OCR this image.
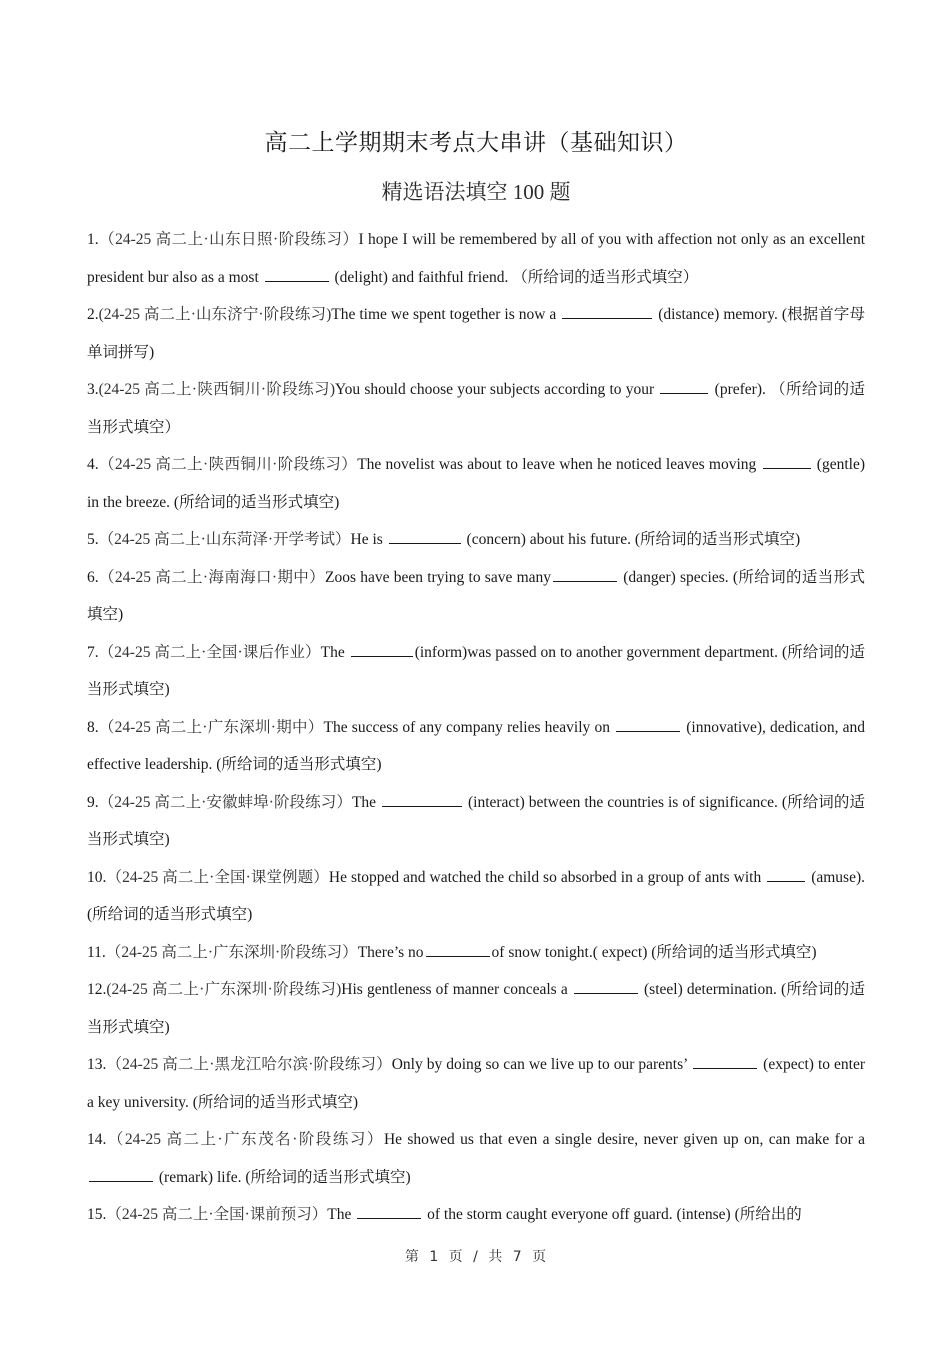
高二上学期期末考点大串讲（基础知识）
精选语法填空 100 题
1.（24-25 高二上·山东日照·阶段练习）I hope I will be remembered by all of you with affection not only as an excellent president bur also as a most	(delight) and faithful friend. （所给词的适当形式填空）
2.(24-25 高二上·山东济宁·阶段练习)The time we spent together is now a	(distance) memory. (根据首字母单词拼写)
3.(24-25 高二上·陕西铜川·阶段练习)You should choose your subjects according to your	(prefer). （所给词的适当形式填空）
4.（24-25 高二上·陕西铜川·阶段练习）The novelist was about to leave when he noticed leaves moving	(gentle) in the breeze. (所给词的适当形式填空)
5.（24-25 高二上·山东菏泽·开学考试）He is	(concern) about his future. (所给词的适当形式填空)
6.（24-25 高二上·海南海口·期中）Zoos have been trying to save many	(danger) species. (所给词的适当形式填空)
7.（24-25 高二上·全国·课后作业）The	(inform)was passed on to another government department. (所给词的适当形式填空)
8.（24-25 高二上·广东深圳·期中）The success of any company relies heavily on	(innovative), dedication, and effective leadership. (所给词的适当形式填空)
9.（24-25 高二上·安徽蚌埠·阶段练习）The	(interact) between the countries is of significance. (所给词的适当形式填空)
10.（24-25 高二上·全国·课堂例题）He stopped and watched the child so absorbed in a group of ants with	(amuse).(所给词的适当形式填空)
11.（24-25 高二上·广东深圳·阶段练习）There’s no	of snow tonight.( expect) (所给词的适当形式填空)
12.(24-25 高二上·广东深圳·阶段练习)His gentleness of manner conceals a	(steel) determination. (所给词的适当形式填空)
13.（24-25 高二上·黑龙江哈尔滨·阶段练习）Only by doing so can we live up to our parents’	(expect) to enter a key university. (所给词的适当形式填空)
14.（24-25 高二上·广东茂名·阶段练习）He showed us that even a single desire, never given up on, can make for a  (remark) life. (所给词的适当形式填空)
15.（24-25 高二上·全国·课前预习）The	of the storm caught everyone off guard. (intense) (所给出的
第 1 页 / 共 7 页
